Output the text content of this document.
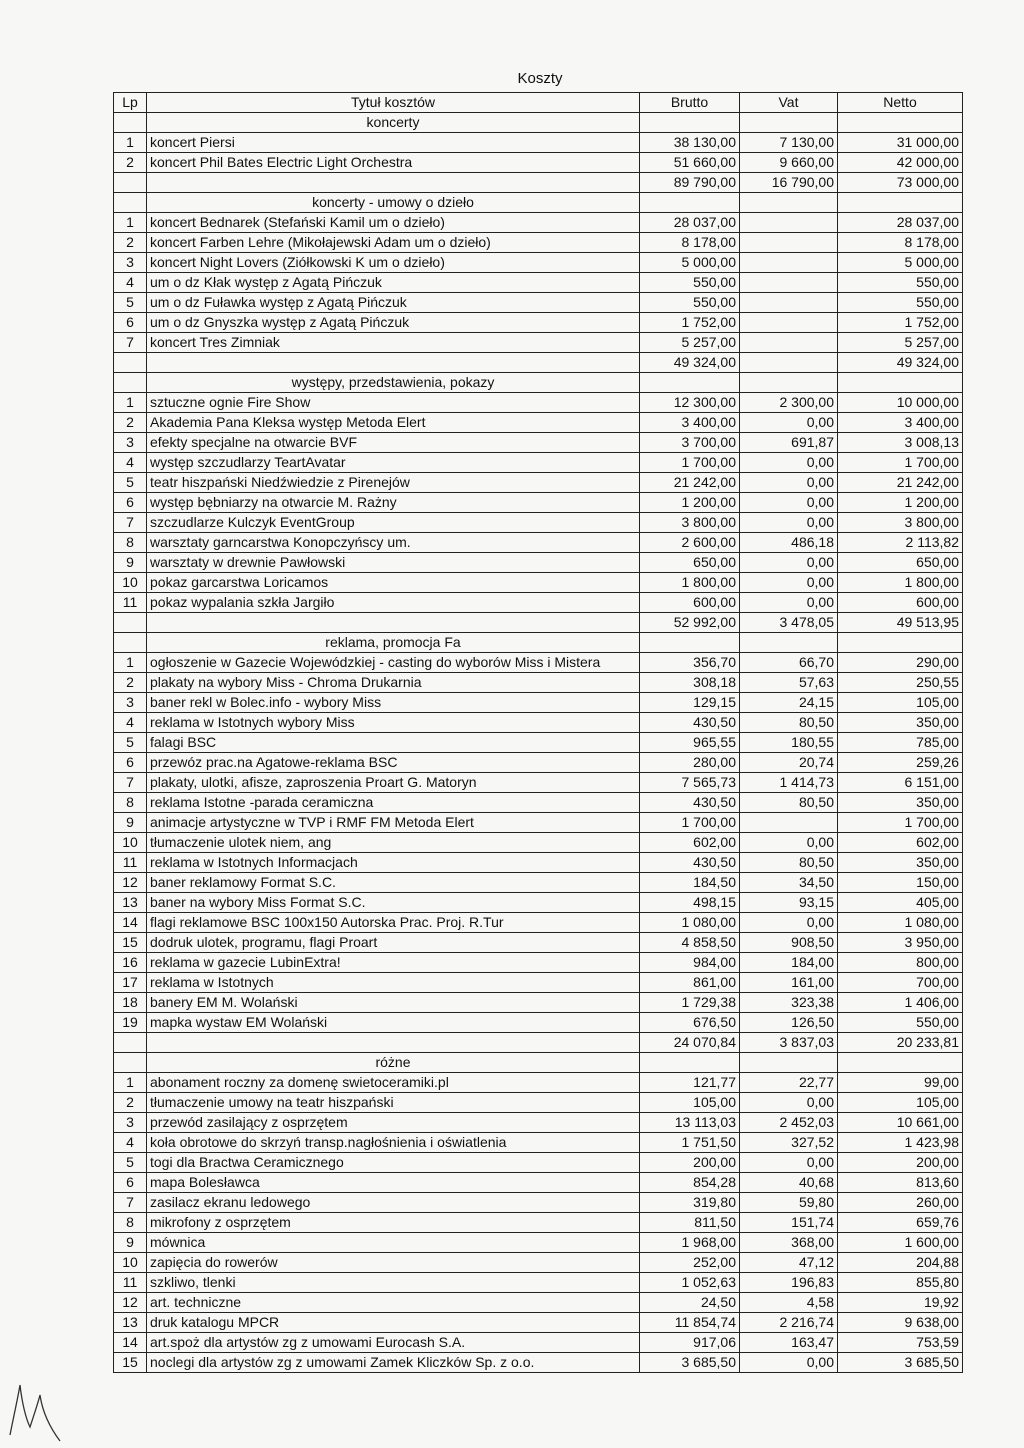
Koszty
Lp	Tytuł kosztów	Brutto	Vat	Netto
	koncerty			
1	koncert Piersi	38 130,00	7 130,00	31 000,00
2	koncert Phil Bates Electric Light Orchestra	51 660,00	9 660,00	42 000,00
		89 790,00	16 790,00	73 000,00
	koncerty - umowy o dzieło			
1	koncert Bednarek (Stefański Kamil um o dzieło)	28 037,00		28 037,00
2	koncert Farben Lehre (Mikołajewski Adam um o dzieło)	8 178,00		8 178,00
3	koncert Night Lovers (Ziółkowski K um o dzieło)	5 000,00		5 000,00
4	um o dz Kłak występ z Agatą Pińczuk	550,00		550,00
5	um o dz Fuławka występ z Agatą Pińczuk	550,00		550,00
6	um o dz Gnyszka występ z Agatą Pińczuk	1 752,00		1 752,00
7	koncert Tres Zimniak	5 257,00		5 257,00
		49 324,00		49 324,00
	występy, przedstawienia, pokazy			
1	sztuczne ognie Fire Show	12 300,00	2 300,00	10 000,00
2	Akademia Pana Kleksa występ Metoda Elert	3 400,00	0,00	3 400,00
3	efekty specjalne na otwarcie BVF	3 700,00	691,87	3 008,13
4	występ szczudlarzy TeartAvatar	1 700,00	0,00	1 700,00
5	teatr hiszpański Niedźwiedzie z Pirenejów	21 242,00	0,00	21 242,00
6	występ bębniarzy na otwarcie M. Rażny	1 200,00	0,00	1 200,00
7	szczudlarze Kulczyk EventGroup	3 800,00	0,00	3 800,00
8	warsztaty garncarstwa Konopczyńscy um.	2 600,00	486,18	2 113,82
9	warsztaty w drewnie Pawłowski	650,00	0,00	650,00
10	pokaz garcarstwa Loricamos	1 800,00	0,00	1 800,00
11	pokaz wypalania szkła Jargiło	600,00	0,00	600,00
		52 992,00	3 478,05	49 513,95
	reklama, promocja Fa			
1	ogłoszenie w Gazecie Wojewódzkiej - casting do wyborów Miss i Mistera	356,70	66,70	290,00
2	plakaty na wybory Miss - Chroma Drukarnia	308,18	57,63	250,55
3	baner rekl w Bolec.info - wybory Miss	129,15	24,15	105,00
4	reklama w Istotnych wybory Miss	430,50	80,50	350,00
5	falagi BSC	965,55	180,55	785,00
6	przewóz prac.na Agatowe-reklama BSC	280,00	20,74	259,26
7	plakaty, ulotki, afisze, zaproszenia Proart G. Matoryn	7 565,73	1 414,73	6 151,00
8	reklama Istotne -parada ceramiczna	430,50	80,50	350,00
9	animacje artystyczne w TVP i RMF FM Metoda Elert	1 700,00		1 700,00
10	tłumaczenie ulotek niem, ang	602,00	0,00	602,00
11	reklama w Istotnych Informacjach	430,50	80,50	350,00
12	baner reklamowy Format S.C.	184,50	34,50	150,00
13	baner na wybory Miss Format S.C.	498,15	93,15	405,00
14	flagi reklamowe BSC 100x150 Autorska Prac. Proj. R.Tur	1 080,00	0,00	1 080,00
15	dodruk ulotek, programu, flagi Proart	4 858,50	908,50	3 950,00
16	reklama w gazecie LubinExtra!	984,00	184,00	800,00
17	reklama w Istotnych	861,00	161,00	700,00
18	banery EM M. Wolański	1 729,38	323,38	1 406,00
19	mapka wystaw EM Wolański	676,50	126,50	550,00
		24 070,84	3 837,03	20 233,81
	różne			
1	abonament roczny za domenę swietoceramiki.pl	121,77	22,77	99,00
2	tłumaczenie umowy na teatr hiszpański	105,00	0,00	105,00
3	przewód zasilający z osprzętem	13 113,03	2 452,03	10 661,00
4	koła obrotowe do skrzyń transp.nagłośnienia i oświatlenia	1 751,50	327,52	1 423,98
5	togi dla Bractwa Ceramicznego	200,00	0,00	200,00
6	mapa Bolesławca	854,28	40,68	813,60
7	zasilacz ekranu ledowego	319,80	59,80	260,00
8	mikrofony z osprzętem	811,50	151,74	659,76
9	mównica	1 968,00	368,00	1 600,00
10	zapięcia do rowerów	252,00	47,12	204,88
11	szkliwo, tlenki	1 052,63	196,83	855,80
12	art. techniczne	24,50	4,58	19,92
13	druk katalogu MPCR	11 854,74	2 216,74	9 638,00
14	art.spoż dla artystów zg z umowami Eurocash S.A.	917,06	163,47	753,59
15	noclegi dla artystów zg z umowami Zamek Kliczków Sp. z o.o.	3 685,50	0,00	3 685,50
